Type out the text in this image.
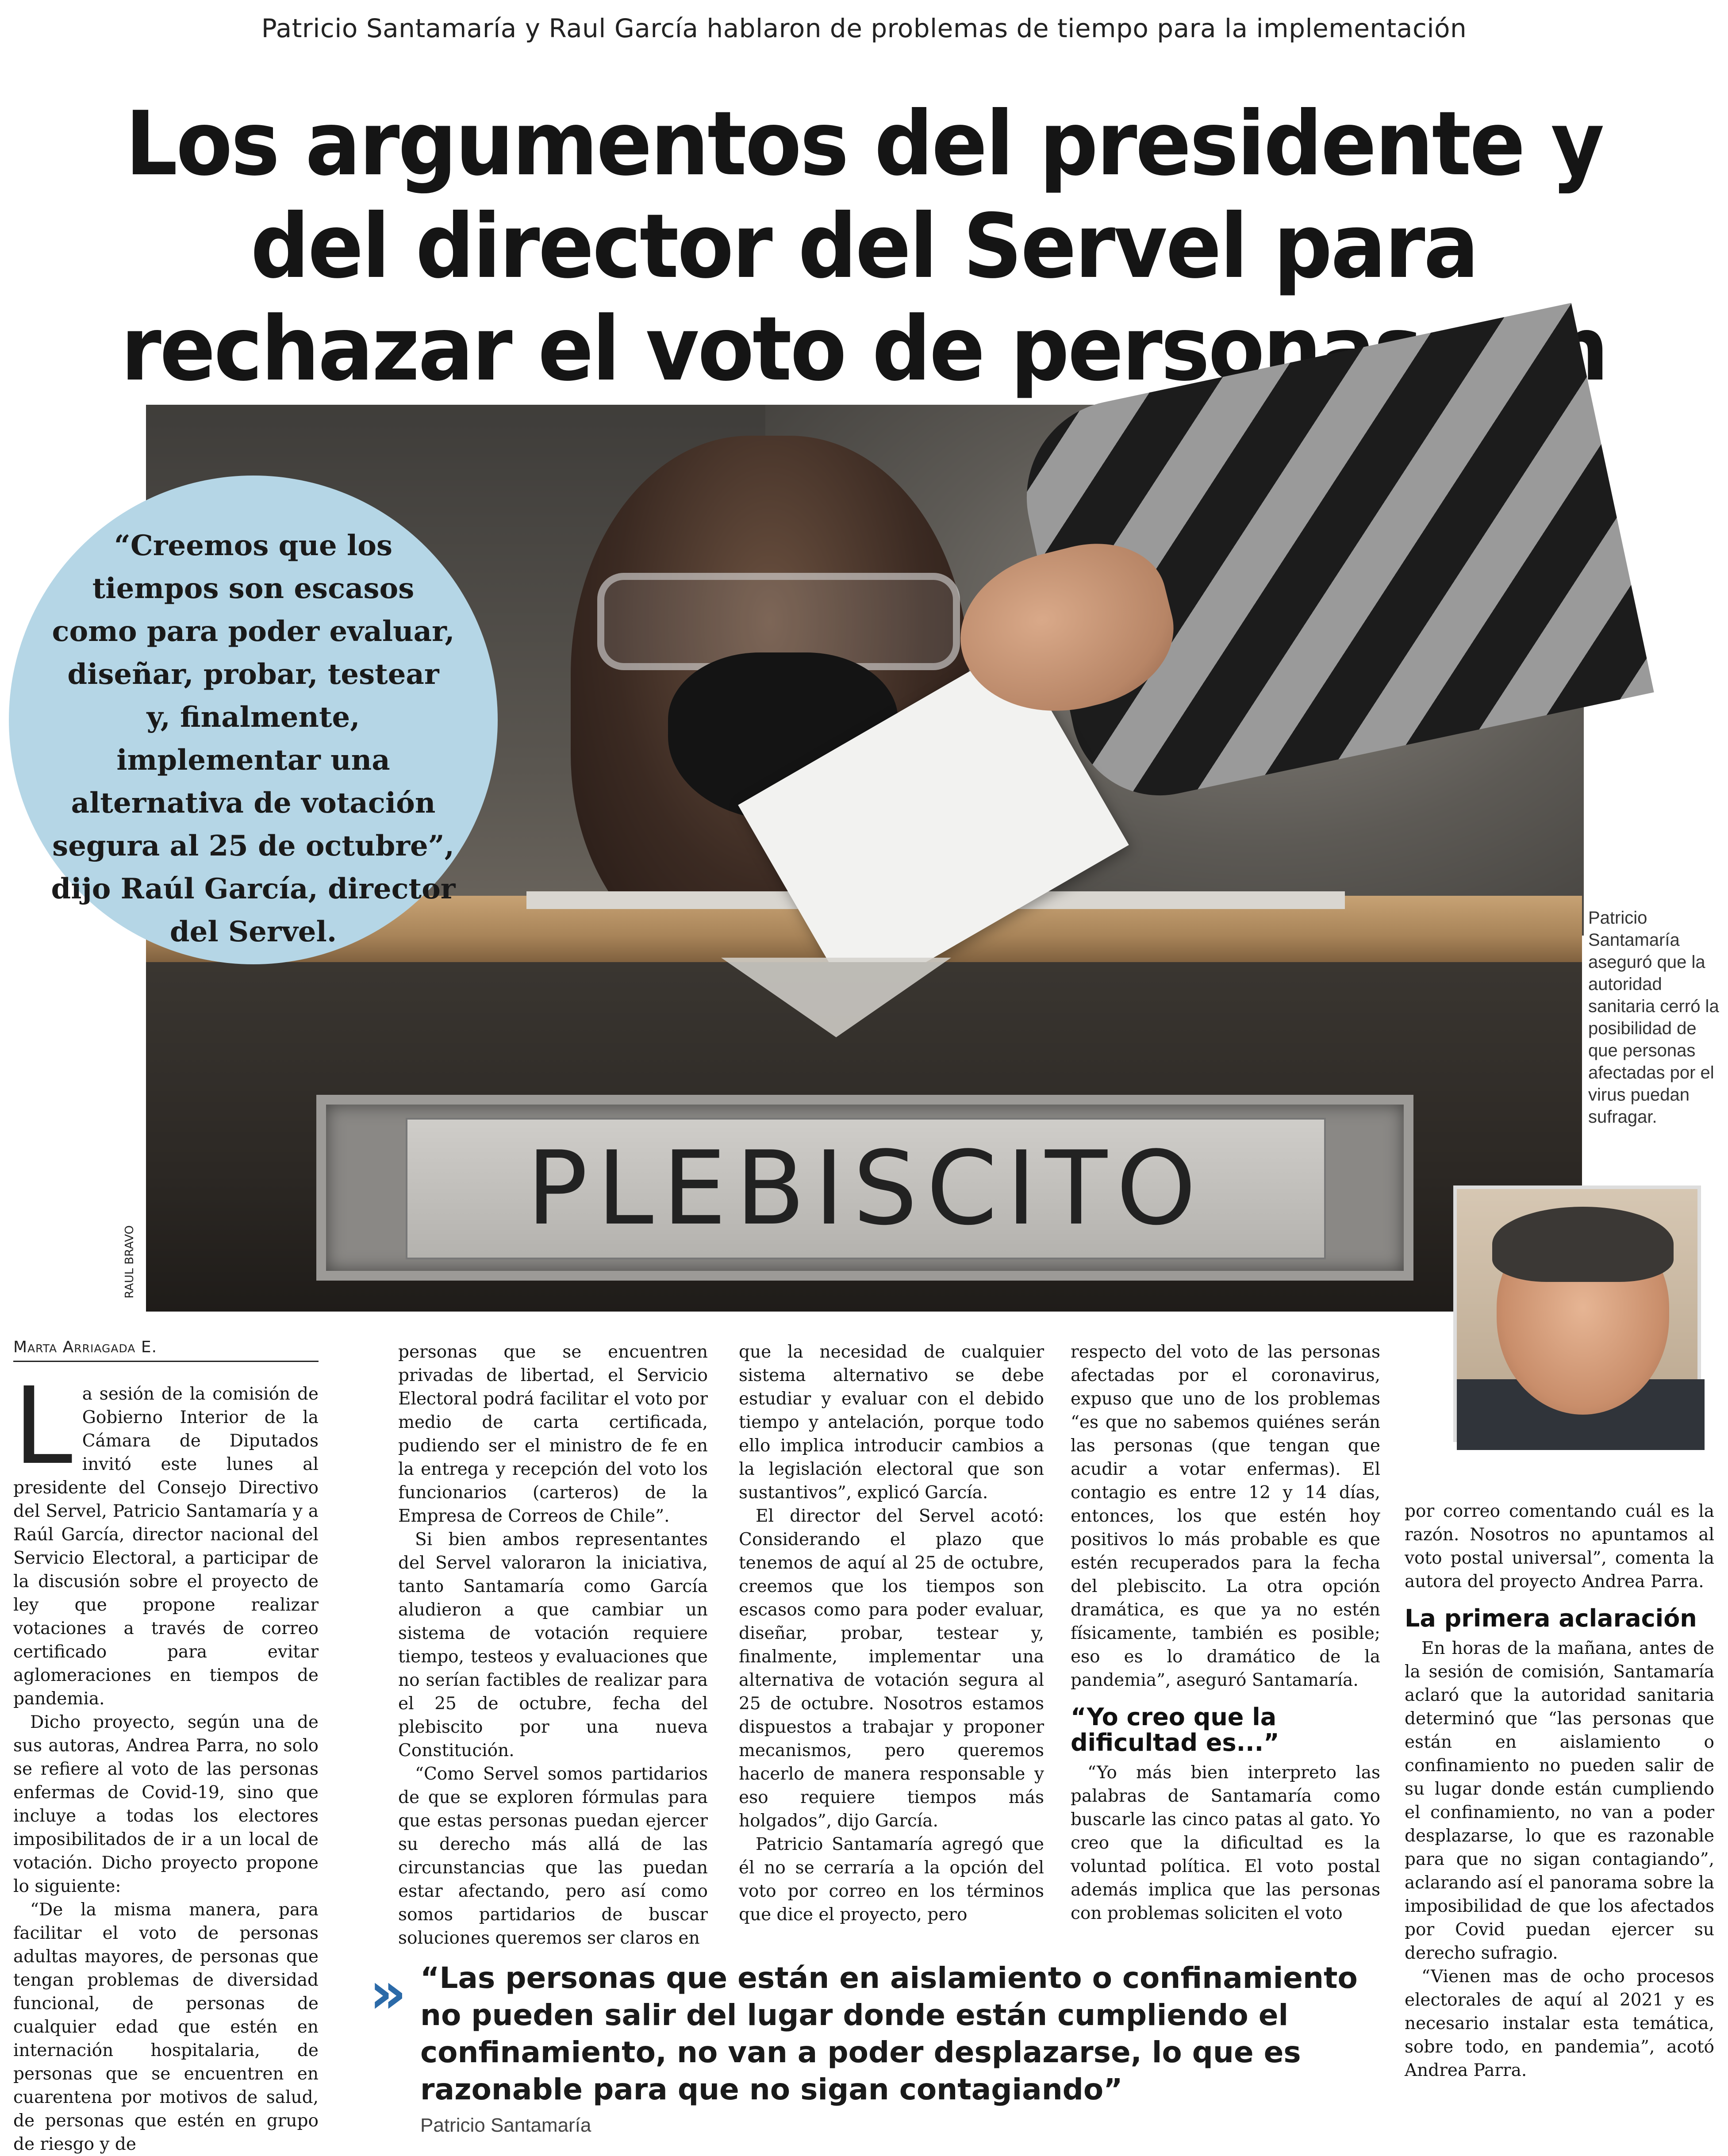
Patricio Santamaría y Raul García hablaron de problemas de tiempo para la implementación
Los argumentos del presidente y del director del Servel para rechazar el voto de personas
PLEBISCITO
RAUL BRAVO
“Creemos que los tiempos son escasos como para poder evaluar, diseñar, probar, testear y, finalmente, implementar una alternativa de votación segura al 25 de octubre”, dijo Raúl García, director del Servel.	Patricio Santamaría aseguró que la autoridad sanitaria cerró la posibilidad de que personas afectadas por el virus puedan sufragar.
Marta Arriagada E.

La sesión de la comisión de Gobierno Interior de la Cámara de Diputados invitó este lunes al presidente del Consejo Directivo del Servel, Patricio Santamaría y a Raúl García, director nacional del Servicio Electoral, a participar de la discusión sobre el proyecto de ley que propone realizar votaciones a través de correo certificado para evitar aglomeraciones en tiempos de pandemia.

Dicho proyecto, según una de sus autoras, Andrea Parra, no solo se refiere al voto de las personas enfermas de Covid-19, sino que incluye a todas los electores imposibilitados de ir a un local de votación. Dicho proyecto propone lo siguiente:

“De la misma manera, para facilitar el voto de personas adultas mayores, de personas que tengan problemas de diversidad funcional, de personas de cualquier edad que estén en internación hospitalaria, de personas que se encuentren en cuarentena por motivos de salud, de personas que estén en grupo de riesgo y de

personas que se encuentren privadas de libertad, el Servicio Electoral podrá facilitar el voto por medio de carta certificada, pudiendo ser el ministro de fe en la entrega y recepción del voto los funcionarios (carteros) de la Empresa de Correos de Chile”.

Si bien ambos representantes del Servel valoraron la iniciativa, tanto Santamaría como García aludieron a que cambiar un sistema de votación requiere tiempo, testeos y evaluaciones que no serían factibles de realizar para el 25 de octubre, fecha del plebiscito por una nueva Constitución.

“Como Servel somos partidarios de que se exploren fórmulas para que estas personas puedan ejercer su derecho más allá de las circunstancias que las puedan estar afectando, pero así como somos partidarios de buscar soluciones queremos ser claros en

que la necesidad de cualquier sistema alternativo se debe estudiar y evaluar con el debido tiempo y antelación, porque todo ello implica introducir cambios a la legislación electoral que son sustantivos”, explicó García.

El director del Servel acotó: Considerando el plazo que tenemos de aquí al 25 de octubre, creemos que los tiempos son escasos como para poder evaluar, diseñar, probar, testear y, finalmente, implementar una alternativa de votación segura al 25 de octubre. Nosotros estamos dispuestos a trabajar y proponer mecanismos, pero queremos hacerlo de manera responsable y eso requiere tiempos más holgados”, dijo García.

Patricio Santamaría agregó que él no se cerraría a la opción del voto por correo en los términos que dice el proyecto, pero

respecto del voto de las personas afectadas por el coronavirus, expuso que uno de los problemas “es que no sabemos quiénes serán las personas (que tengan que acudir a votar enfermas). El contagio es entre 12 y 14 días, entonces, los que estén hoy positivos lo más probable es que estén recuperados para la fecha del plebiscito. La otra opción dramática, es que ya no estén físicamente, también es posible; eso es lo dramático de la pandemia”, aseguró Santamaría.

“Yo creo que la dificultad es...”

“Yo más bien interpreto las palabras de Santamaría como buscarle las cinco patas al gato. Yo creo que la dificultad es la voluntad política. El voto postal además implica que las personas con problemas soliciten el voto

por correo comentando cuál es la razón. Nosotros no apuntamos al voto postal universal”, comenta la autora del proyecto Andrea Parra.

La primera aclaración

En horas de la mañana, antes de la sesión de comisión, Santamaría aclaró que la autoridad sanitaria determinó que “las personas que están en aislamiento o confinamiento no pueden salir de su lugar donde están cumpliendo el confinamiento, no van a poder desplazarse, lo que es razonable para que no sigan contagiando”, aclarando así el panorama sobre la imposibilidad de que los afectados por Covid puedan ejercer su derecho sufragio.

“Vienen mas de ocho procesos electorales de aquí al 2021 y es necesario instalar esta temática, sobre todo, en pandemia”, acotó Andrea Parra.

» “Las personas que están en aislamiento o confinamiento no pueden salir del lugar donde están cumpliendo el confinamiento, no van a poder desplazarse, lo que es razonable para que no sigan contagiando”
Patricio Santamaría
